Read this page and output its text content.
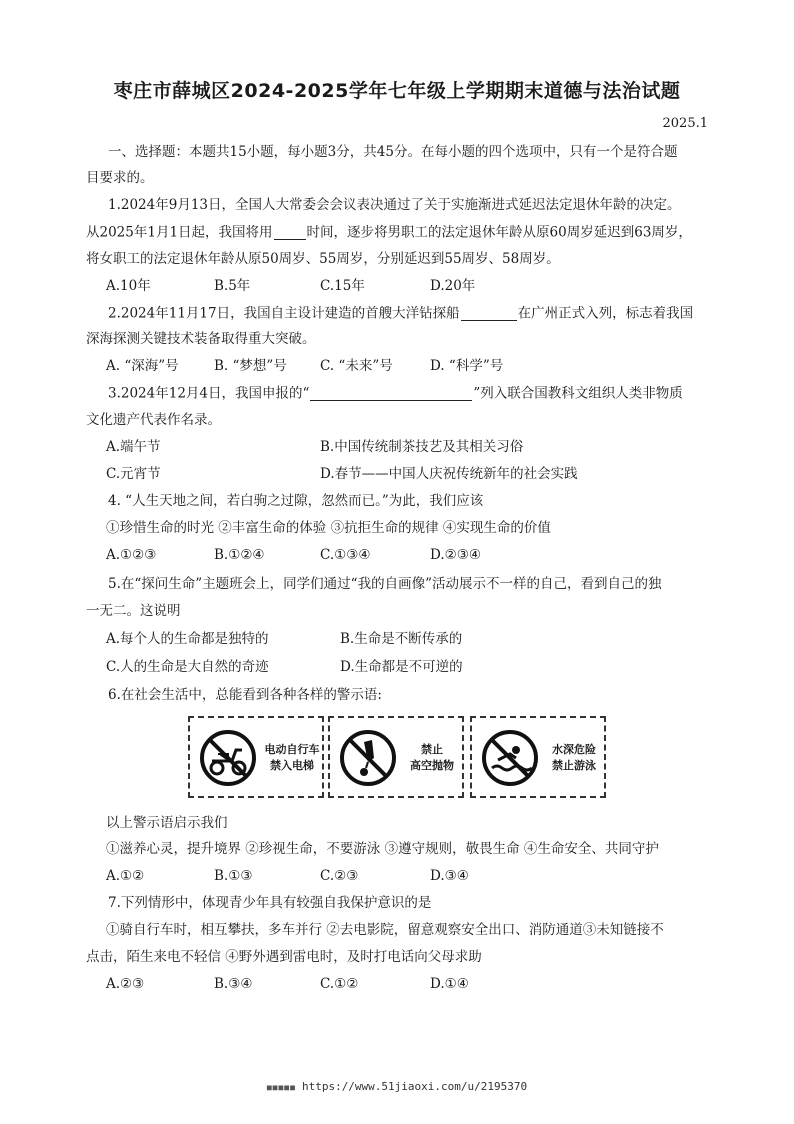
枣庄市薛城区2024-2025学年七年级上学期期末道德与法治试题
2025.1
一、选择题：本题共15小题，每小题3分，共45分。在每小题的四个选项中，只有一个是符合题
目要求的。
1.2024年9月13日，全国人大常委会会议表决通过了关于实施渐进式延迟法定退休年龄的决定。
从2025年1月1日起，我国将用	时间，逐步将男职工的法定退休年龄从原60周岁延迟到63周岁，
将女职工的法定退休年龄从原50周岁、55周岁，分别延迟到55周岁、58周岁。
A.10年	B.5年	C.15年	D.20年
2.2024年11月17日，我国自主设计建造的首艘大洋钻探船	在广州正式入列，标志着我国
深海探测关键技术装备取得重大突破。
A. “深海”号	B. “梦想”号 C. “未来”号	D. “科学”号
3.2024年12月4日，我国申报的“	”列入联合国教科文组织人类非物质
文化遗产代表作名录。
A.端午节	B.中国传统制茶技艺及其相关习俗
C.元宵节	D.春节——中国人庆祝传统新年的社会实践
4. “人生天地之间，若白驹之过隙，忽然而已。”为此，我们应该
①珍惜生命的时光 ②丰富生命的体验 ③抗拒生命的规律 ④实现生命的价值
A.①②③	B.①②④	C.①③④	D.②③④
5.在“探问生命”主题班会上，同学们通过“我的自画像”活动展示不一样的自己，看到自己的独
一无二。这说明
A.每个人的生命都是独特的	B.生命是不断传承的
C.人的生命是大自然的奇迹	D.生命都是不可逆的
6.在社会生活中，总能看到各种各样的警示语:
电动自行车
禁入电梯
禁止
高空抛物
水深危险
禁止游泳
以上警示语启示我们
①滋养心灵，提升境界 ②珍视生命，不要游泳 ③遵守规则，敬畏生命 ④生命安全、共同守护
A.①②	B.①③	C.②③	D.③④
7.下列情形中，体现青少年具有较强自我保护意识的是
①骑自行车时，相互攀扶，多车并行 ②去电影院，留意观察安全出口、消防通道③未知链接不
点击，陌生来电不轻信 ④野外遇到雷电时，及时打电话向父母求助
A.②③	B.③④	C.①②	D.①④
■■■■■ https://www.51jiaoxi.com/u/2195370
